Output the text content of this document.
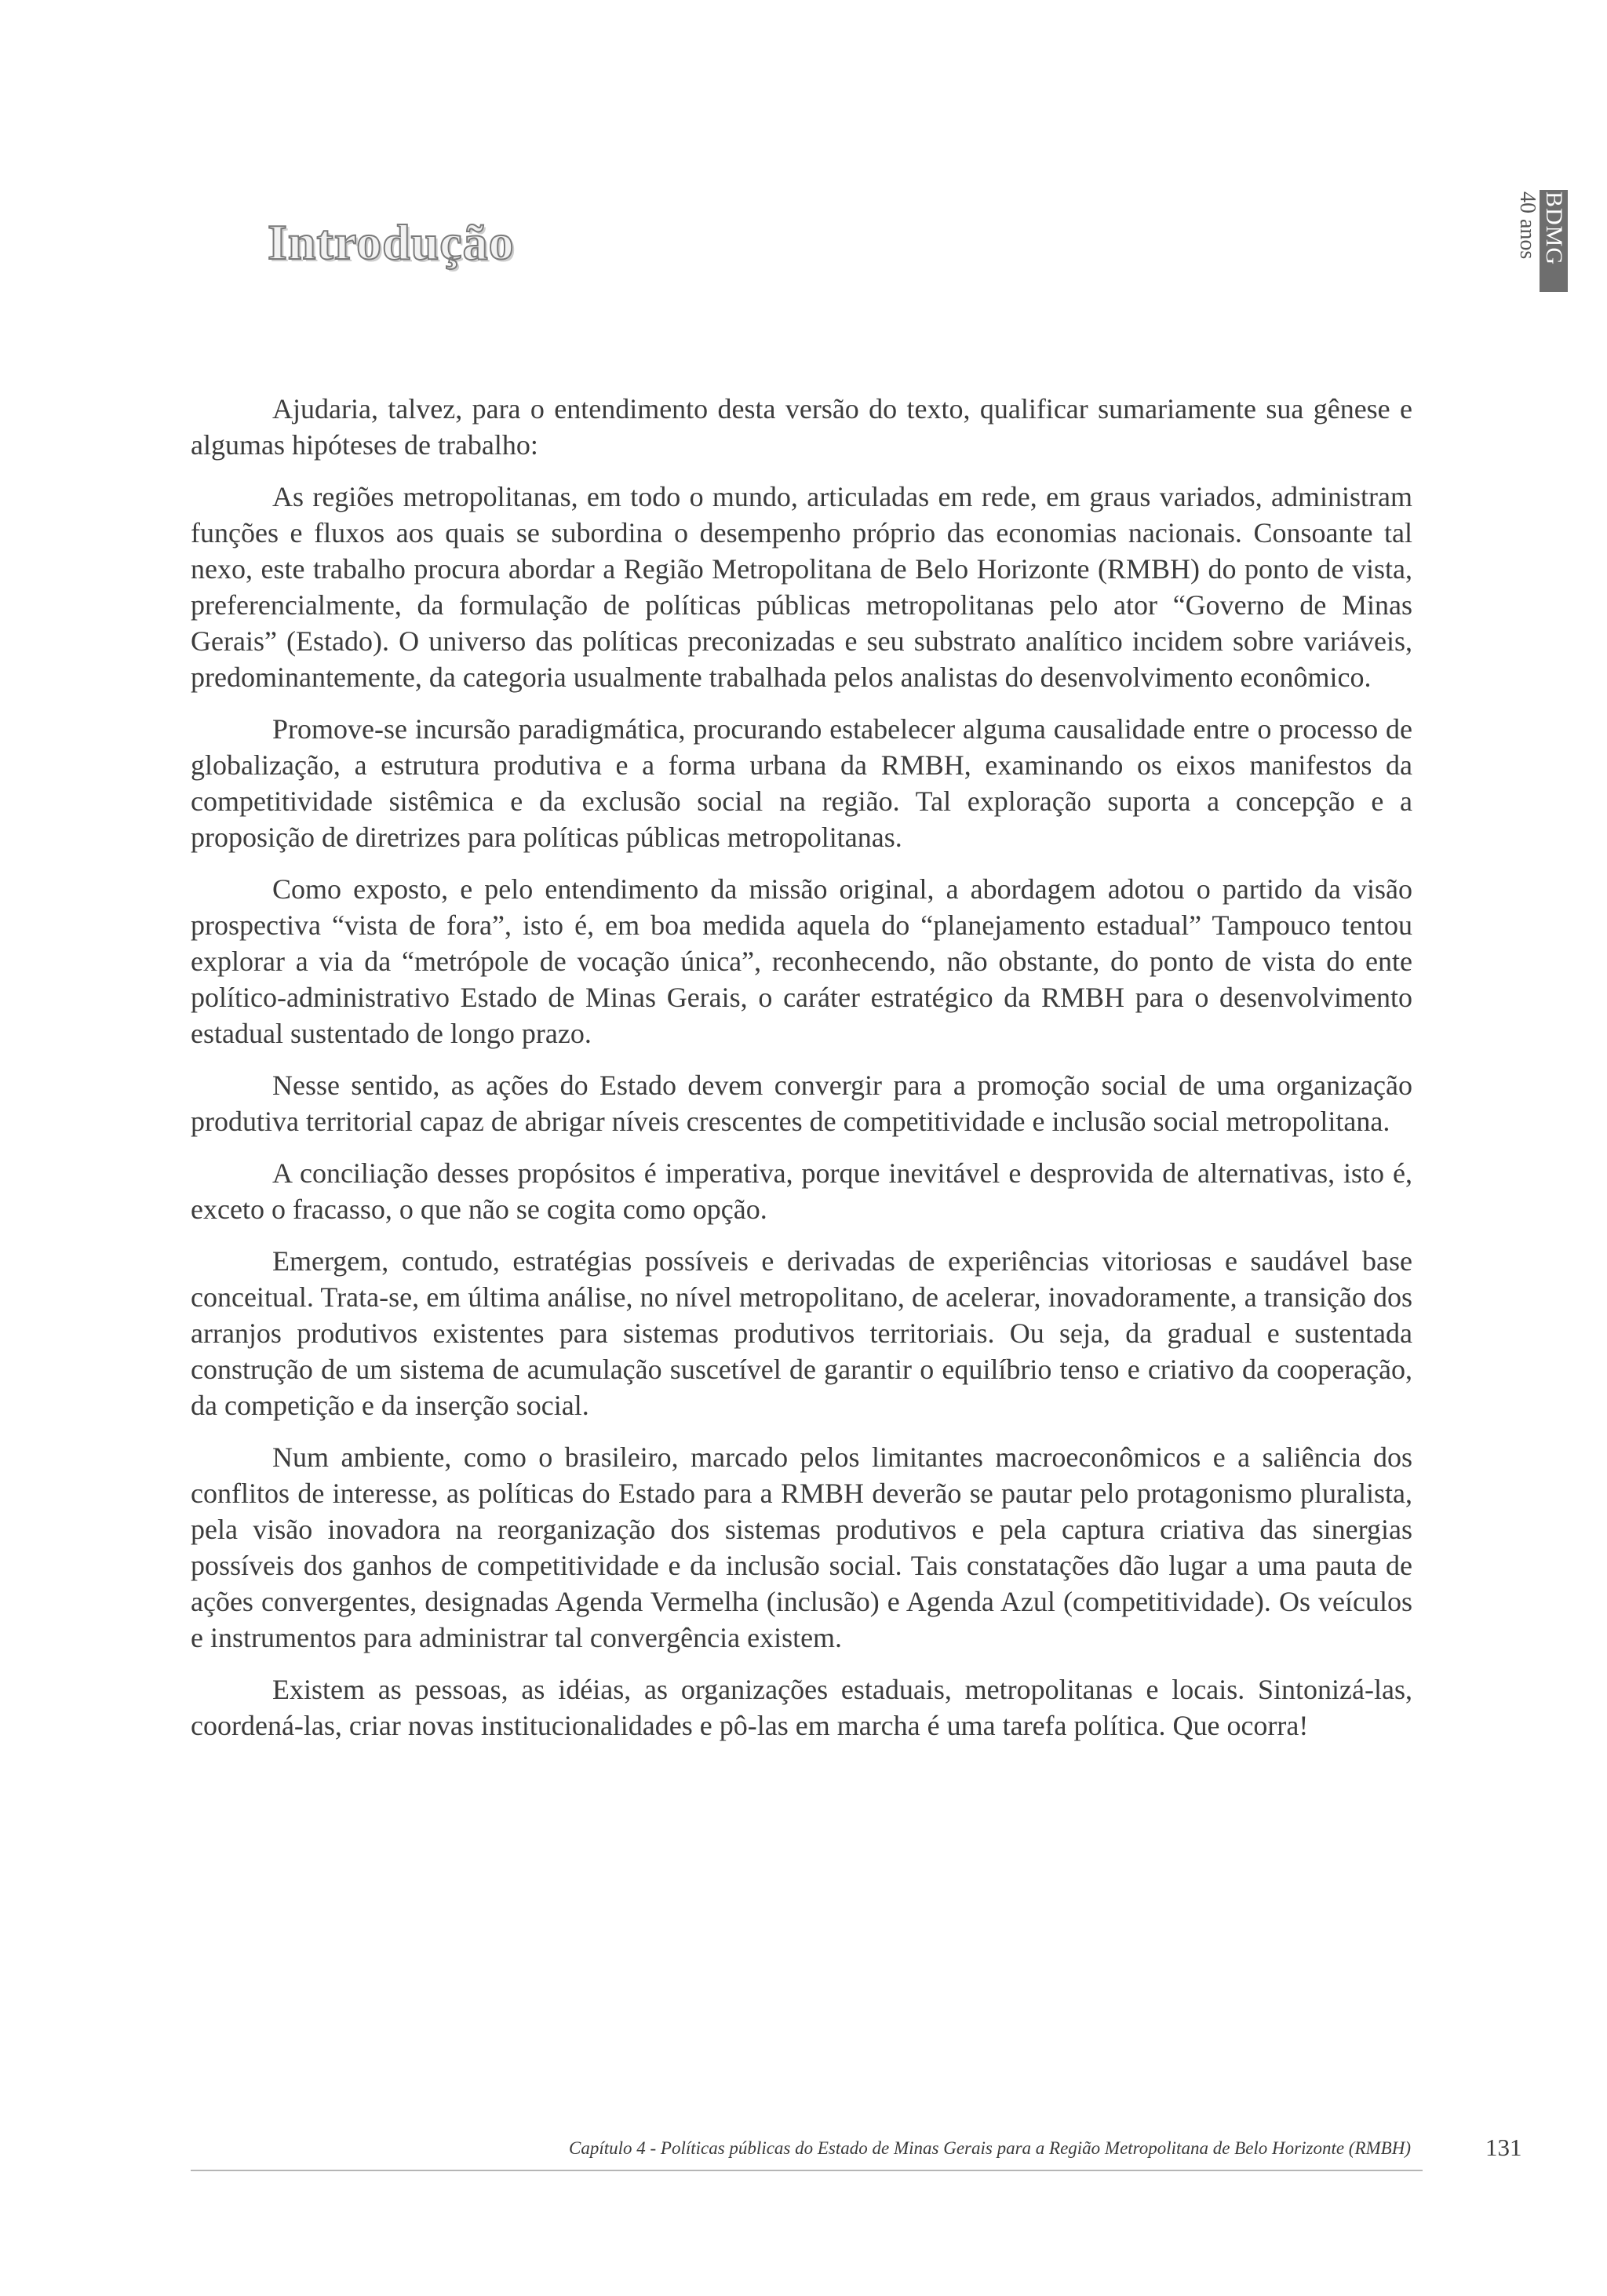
Introdução	BDMG
40 anos

Ajudaria, talvez, para o entendimento desta versão do texto, qualificar sumariamente sua gênese e algumas hipóteses de trabalho:

As regiões metropolitanas, em todo o mundo, articuladas em rede, em graus variados, administram funções e fluxos aos quais se subordina o desempenho próprio das economias nacionais. Consoante tal nexo, este trabalho procura abordar a Região Metropolitana de Belo Horizonte (RMBH) do ponto de vista, preferencialmente, da formulação de políticas públicas metropolitanas pelo ator “Governo de Minas Gerais” (Estado). O universo das políticas preconizadas e seu substrato analítico incidem sobre variáveis, predominantemente, da categoria usualmente trabalhada pelos analistas do desenvolvimento econômico.

Promove-se incursão paradigmática, procurando estabelecer alguma causalidade entre o processo de globalização, a estrutura produtiva e a forma urbana da RMBH, examinando os eixos manifestos da competitividade sistêmica e da exclusão social na região. Tal exploração suporta a concepção e a proposição de diretrizes para políticas públicas metropolitanas.

Como exposto, e pelo entendimento da missão original, a abordagem adotou o partido da visão prospectiva “vista de fora”, isto é, em boa medida aquela do “planejamento estadual” Tampouco tentou explorar a via da “metrópole de vocação única”, reconhecendo, não obstante, do ponto de vista do ente político-administrativo Estado de Minas Gerais, o caráter estratégico da RMBH para o desenvolvimento estadual sustentado de longo prazo.

Nesse sentido, as ações do Estado devem convergir para a promoção social de uma organização produtiva territorial capaz de abrigar níveis crescentes de competitividade e inclusão social metropolitana.

A conciliação desses propósitos é imperativa, porque inevitável e desprovida de alternativas, isto é, exceto o fracasso, o que não se cogita como opção.

Emergem, contudo, estratégias possíveis e derivadas de experiências vitoriosas e saudável base conceitual. Trata-se, em última análise, no nível metropolitano, de acelerar, inovadoramente, a transição dos arranjos produtivos existentes para sistemas produtivos territoriais. Ou seja, da gradual e sustentada construção de um sistema de acumulação suscetível de garantir o equilíbrio tenso e criativo da cooperação, da competição e da inserção social.

Num ambiente, como o brasileiro, marcado pelos limitantes macroeconômicos e a saliência dos conflitos de interesse, as políticas do Estado para a RMBH deverão se pautar pelo protagonismo pluralista, pela visão inovadora na reorganização dos sistemas produtivos e pela captura criativa das sinergias possíveis dos ganhos de competitividade e da inclusão social. Tais constatações dão lugar a uma pauta de ações convergentes, designadas Agenda Vermelha (inclusão) e Agenda Azul (competitividade). Os veículos e instrumentos para administrar tal convergência existem.

Existem as pessoas, as idéias, as organizações estaduais, metropolitanas e locais. Sintonizá-las, coordená-las, criar novas institucionalidades e pô-las em marcha é uma tarefa política. Que ocorra!

Capítulo 4 - Políticas públicas do Estado de Minas Gerais para a Região Metropolitana de Belo Horizonte (RMBH)	131
